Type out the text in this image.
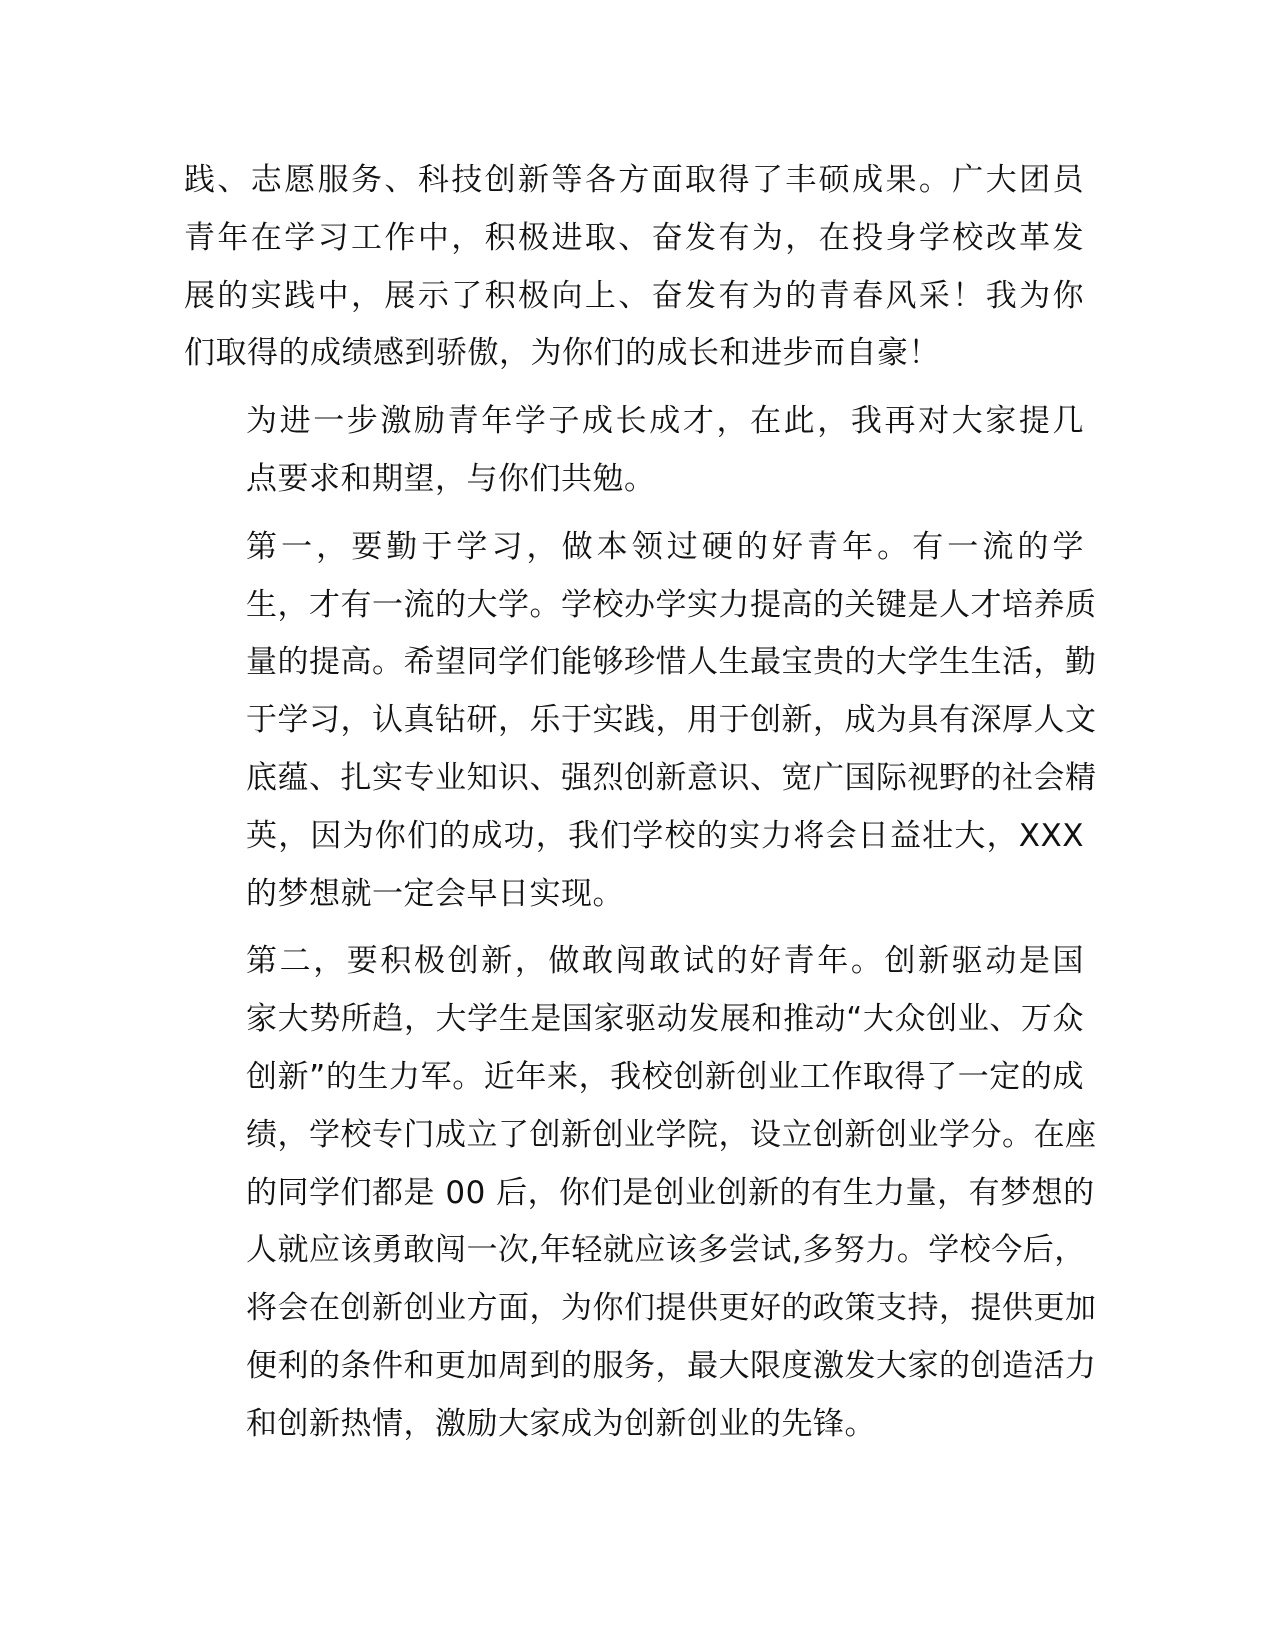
践、志愿服务、科技创新等各方面取得了丰硕成果。广大团员
青年在学习工作中，积极进取、奋发有为，在投身学校改革发
展的实践中，展示了积极向上、奋发有为的青春风采！我为你
们取得的成绩感到骄傲，为你们的成长和进步而自豪！

为进一步激励青年学子成长成才，在此，我再对大家提几
点要求和期望，与你们共勉。

第一，要勤于学习，做本领过硬的好青年。有一流的学
生，才有一流的大学。学校办学实力提高的关键是人才培养质
量的提高。希望同学们能够珍惜人生最宝贵的大学生生活，勤
于学习，认真钻研，乐于实践，用于创新，成为具有深厚人文
底蕴、扎实专业知识、强烈创新意识、宽广国际视野的社会精
英，因为你们的成功，我们学校的实力将会日益壮大，XXX
的梦想就一定会早日实现。

第二，要积极创新，做敢闯敢试的好青年。创新驱动是国
家大势所趋，大学生是国家驱动发展和推动“大众创业、万众
创新”的生力军。近年来，我校创新创业工作取得了一定的成
绩，学校专门成立了创新创业学院，设立创新创业学分。在座
的同学们都是 00 后，你们是创业创新的有生力量，有梦想的
人就应该勇敢闯一次,年轻就应该多尝试,多努力。学校今后，
将会在创新创业方面，为你们提供更好的政策支持，提供更加
便利的条件和更加周到的服务，最大限度激发大家的创造活力
和创新热情，激励大家成为创新创业的先锋。
